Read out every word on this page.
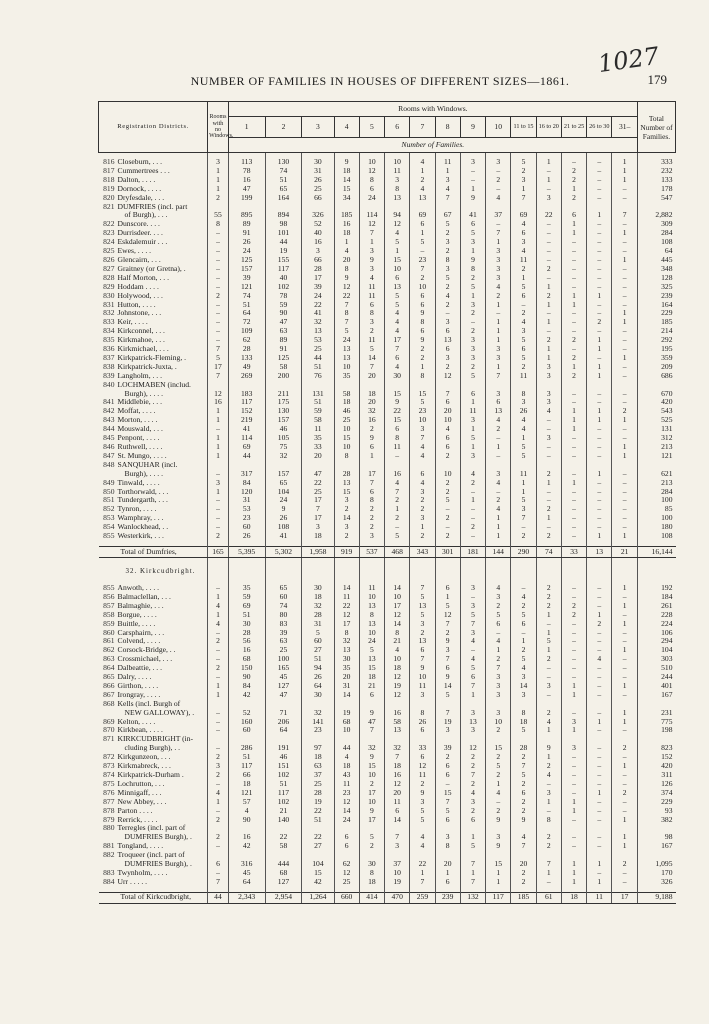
NUMBER OF FAMILIES IN HOUSES OF DIFFERENT SIZES—1861.	179
1027
Registration Districts.	Rooms with no Windows.	Rooms with Windows.															Total Number of Families.
		1	2	3	4	5	6	7	8	9	10	11 to 15	16 to 20	21 to 25	26 to 30	31–	
		Number of Families.															

816 Closeburn, . . .	3	113	130	30	9	10	10	4	11	3	3	5	1	–	–	1	333
817 Cummertrees . . .	1	78	74	31	18	12	11	1	1	–	–	2	–	2	–	1	232
818 Dalton, . . . .	1	16	51	26	14	8	3	2	3	–	2	3	1	2	–	1	133
819 Dornock, . . . .	1	47	65	25	15	6	8	4	4	1	–	1	–	1	–	–	178
820 Dryfesdale, . . .	2	199	164	66	34	24	13	13	7	9	4	7	3	2	–	–	547
821 DUMFRIES (incl. part																	
of Burgh), . . .	55	895	894	326	185	114	94	69	67	41	37	69	22	6	1	7	2,882
822 Dunscore. . . .	8	89	98	52	16	12	12	6	5	6	–	4	–	1	–	–	309
823 Durrisdeer. . . .	–	91	101	40	18	7	4	1	2	5	7	6	–	1	–	1	284
824 Eskdalemuir . . .	–	26	44	16	1	1	5	5	3	3	1	3	–	–	–	–	108
825 Ewes, . . . .	–	24	19	3	4	3	1	–	2	1	3	4	–	–	–	–	64
826 Glencairn, . . .	–	125	155	66	20	9	15	23	8	9	3	11	–	–	–	1	445
827 Graitney (or Gretna), .	–	157	117	28	8	3	10	7	3	8	3	2	2	–	–	–	348
828 Half Morton, . . .	–	39	40	17	9	4	6	2	5	2	3	1	–	–	–	–	128
829 Hoddam . . . .	–	121	102	39	12	11	13	10	2	5	4	5	1	–	–	–	325
830 Holywood, . . .	2	74	78	24	22	11	5	6	4	1	2	6	2	1	1	–	239
831 Hutton, . . . .	–	51	59	22	7	6	5	6	2	3	1	–	1	1	–	–	164
832 Johnstone, . . .	–	64	90	41	8	8	4	9	–	2	–	2	–	–	–	1	229
833 Keir, . . . .	–	72	47	32	7	3	4	8	3	–	1	4	1	–	2	1	185
834 Kirkconnel, . . .	–	109	63	13	5	2	4	6	6	2	1	3	–	–	–	–	214
835 Kirkmahoe, . . .	–	62	89	53	24	11	17	9	13	3	1	5	2	2	1	–	292
836 Kirkmichael, . . .	7	28	91	25	13	5	7	2	6	3	3	6	1	–	1	–	195
837 Kirkpatrick-Fleming, .	5	133	125	44	13	14	6	2	3	3	3	5	1	2	–	1	359
838 Kirkpatrick-Juxta, .	17	49	58	51	10	7	4	1	2	2	1	2	3	1	1	–	209
839 Langholm, . . .	7	269	200	76	35	20	30	8	12	5	7	11	3	2	1	–	686
840 LOCHMABEN (includ.																	
Burgh), . . . .	12	183	211	131	58	18	15	15	7	6	3	8	3	–	–	–	670
841 Middlebie, . . .	16	117	175	51	18	20	9	5	6	1	6	3	3	–	–	–	420
842 Moffat, . . . .	1	152	130	59	46	32	22	23	20	11	13	26	4	1	1	2	543
843 Morton, . . . .	1	219	157	58	25	16	15	10	10	3	4	4	–	1	1	1	525
844 Mouswald, . . .	–	41	46	11	10	2	6	3	4	1	2	4	–	1	–	–	131
845 Penpont, . . . .	1	114	105	35	15	9	8	7	6	5	–	1	3	–	–	–	312
846 Ruthwell, . . . .	1	69	75	33	10	6	11	4	6	1	1	5	–	–	–	1	213
847 St. Mungo, . . . .	1	44	32	20	8	1	–	4	2	3	–	5	–	–	–	1	121
848 SANQUHAR (incl.																	
Burgh), . . . .	–	317	157	47	28	17	16	6	10	4	3	11	2	–	1	–	621
849 Tinwald, . . . .	3	84	65	22	13	7	4	4	2	2	4	1	1	1	–	–	213
850 Torthorwald, . . .	1	120	104	25	15	6	7	3	2	–	–	1	–	–	–	–	284
851 Tundergarth, . . .	–	31	24	17	3	8	2	2	5	1	2	5	–	–	–	–	100
852 Tynron, . . . .	–	53	9	7	2	2	1	2	–	–	4	3	2	–	–	–	85
853 Wamphray, . . .	–	23	26	17	14	2	2	3	2	–	1	7	1	–	–	–	100
854 Wanlockhead, . .	–	60	108	3	3	2	–	1	–	2	1	–	–	–	–	–	180
855 Westerkirk, . . .	2	26	41	18	2	3	5	2	2	–	1	2	2	–	1	1	108

Total of Dumfries,	165	5,395	5,302	1,958	919	537	468	343	301	181	144	290	74	33	13	21	16,144

32. Kirkcudbright.																	

855 Anwoth, . . . .	–	35	65	30	14	11	14	7	6	3	4	–	2	–	–	1	192
856 Balmaclellan, . . .	1	59	60	18	11	10	10	5	1	–	3	4	2	–	–	–	184
857 Balmaghie, . . .	4	69	74	32	22	13	17	13	5	3	2	2	2	2	–	1	261
858 Borgue, . . . .	1	51	80	28	12	8	12	5	12	5	5	5	1	2	1	–	228
859 Buittle, . . . .	4	30	83	31	17	13	14	3	7	7	6	6	–	–	2	1	224
860 Carsphairn, . . .	–	28	39	5	8	10	8	2	2	3	–	–	1	–	–	–	106
861 Colvend, . . . .	2	56	63	60	32	24	21	13	9	4	4	1	5	–	–	–	294
862 Corsock-Bridge, . .	–	16	25	27	13	5	4	6	3	–	1	2	1	–	–	1	104
863 Crossmichael, . . .	–	68	100	51	30	13	10	7	7	4	2	5	2	–	4	–	303
864 Dalbeattie, . . .	2	150	165	94	35	15	18	9	6	5	7	4	–	–	–	–	510
865 Dalry, . . . .	–	90	45	26	20	18	12	10	9	6	3	3	–	–	–	–	244
866 Girthon, . . . .	1	84	127	64	31	21	19	11	14	7	3	14	3	1	–	1	401
867 Irongray, . . . .	1	42	47	30	14	6	12	3	5	1	3	3	–	1	–	–	167
868 Kells (incl. Burgh of																	
NEW GALLOWAY), .	–	52	71	32	19	9	16	8	7	3	3	8	2	–	–	1	231
869 Kelton, . . . .	–	160	206	141	68	47	58	26	19	13	10	18	4	3	1	1	775
870 Kirkbean, . . . .	–	60	64	23	10	7	13	6	3	3	2	5	1	1	–	–	198
871 KIRKCUDBRIGHT (in-																	
cluding Burgh), . .	–	286	191	97	44	32	32	33	39	12	15	28	9	3	–	2	823
872 Kirkgunzeon, . . .	2	51	46	18	4	9	7	6	2	2	2	2	1	–	–	–	152
873 Kirkmabreck, . . .	3	117	151	63	18	15	18	12	6	2	5	7	2	–	–	1	420
874 Kirkpatrick-Durham .	2	66	102	37	43	10	16	11	6	7	2	5	4	–	–	–	311
875 Lochrutton, . . .	–	18	51	25	11	2	12	2	–	2	1	2	–	–	–	–	126
876 Minnigaff, . . .	4	121	117	28	23	17	20	9	15	4	4	6	3	–	1	2	374
877 New Abbey, . . .	1	57	102	19	12	10	11	3	7	3	–	2	1	1	–	–	229
878 Parton . . . .	–	4	21	22	14	9	6	5	5	2	2	2	–	1	–	–	93
879 Rerrick, . . . .	2	90	140	51	24	17	14	5	6	6	9	9	8	–	–	1	382
880 Terregles (incl. part of																	
DUMFRIES Burgh), .	2	16	22	22	6	5	7	4	3	1	3	4	2	–	–	1	98
881 Tongland, . . . .	–	42	58	27	6	2	3	4	8	5	9	7	2	–	–	1	167
882 Troqueer (incl. part of																	
DUMFRIES Burgh), .	6	316	444	104	62	30	37	22	20	7	15	20	7	1	1	2	1,095
883 Twynholm, . . . .	–	45	68	15	12	8	10	1	1	1	1	2	1	1	–	–	170
884 Urr . . . . .	7	64	127	42	25	18	19	7	6	7	1	2	–	1	1	–	326

Total of Kirkcudbright,	44	2,343	2,954	1,264	660	414	470	259	239	132	117	185	61	18	11	17	9,188
